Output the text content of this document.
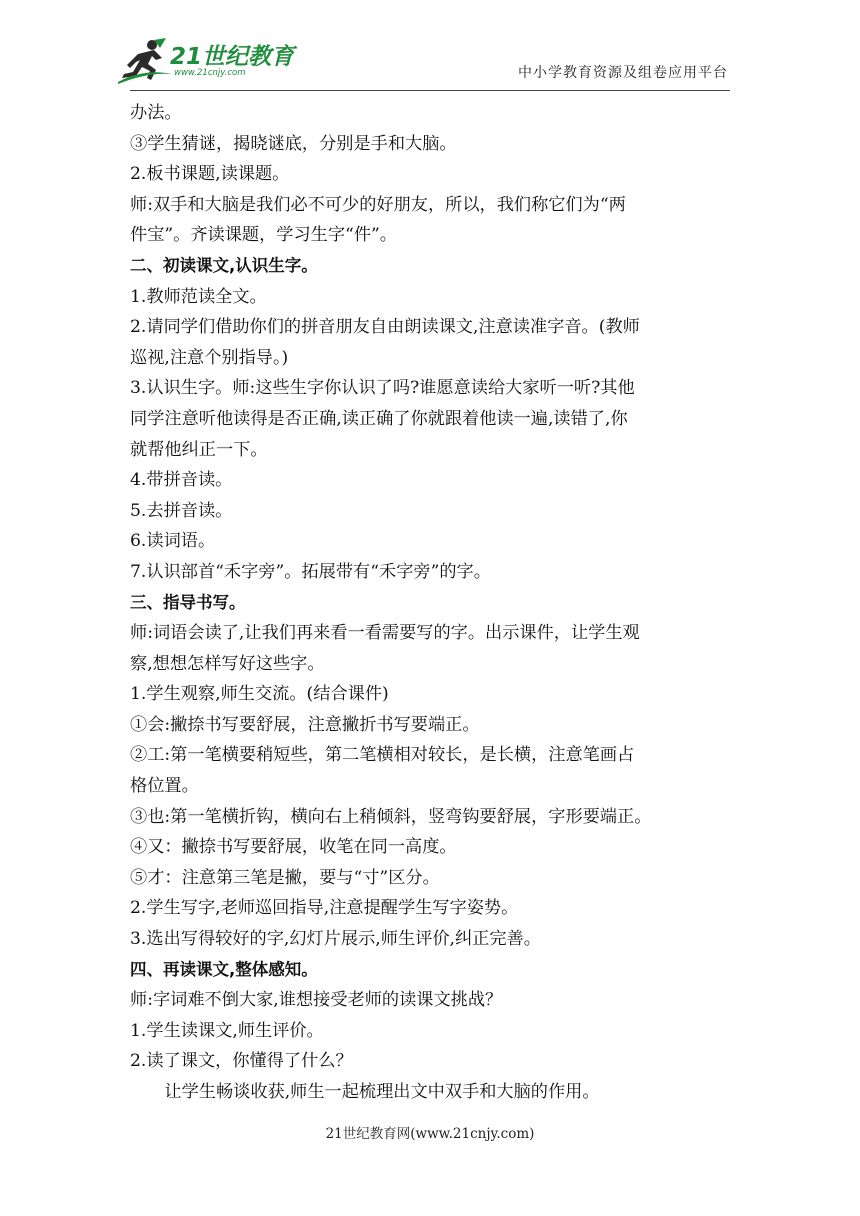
21世纪教育
www.21cnjy.com	中小学教育资源及组卷应用平台

办法。

③学生猜谜，揭晓谜底，分别是手和大脑。

2.板书课题,读课题。

师:双手和大脑是我们必不可少的好朋友，所以，我们称它们为“两

件宝”。齐读课题，学习生字“件”。

二、初读课文,认识生字。

1.教师范读全文。

2.请同学们借助你们的拼音朋友自由朗读课文,注意读准字音。(教师

巡视,注意个别指导。)

3.认识生字。师:这些生字你认识了吗?谁愿意读给大家听一听?其他

同学注意听他读得是否正确,读正确了你就跟着他读一遍,读错了,你

就帮他纠正一下。

4.带拼音读。

5.去拼音读。

6.读词语。

7.认识部首“禾字旁”。拓展带有“禾字旁”的字。

三、指导书写。

师:词语会读了,让我们再来看一看需要写的字。出示课件，让学生观

察,想想怎样写好这些字。

1.学生观察,师生交流。(结合课件)

①会:撇捺书写要舒展，注意撇折书写要端正。

②工:第一笔横要稍短些，第二笔横相对较长，是长横，注意笔画占

格位置。

③也:第一笔横折钩，横向右上稍倾斜，竖弯钩要舒展，字形要端正。

④又：撇捺书写要舒展，收笔在同一高度。

⑤才：注意第三笔是撇，要与“寸”区分。

2.学生写字,老师巡回指导,注意提醒学生写字姿势。

3.选出写得较好的字,幻灯片展示,师生评价,纠正完善。

四、再读课文,整体感知。

师:字词难不倒大家,谁想接受老师的读课文挑战？

1.学生读课文,师生评价。

2.读了课文，你懂得了什么？

让学生畅谈收获,师生一起梳理出文中双手和大脑的作用。

21世纪教育网(www.21cnjy.com)
